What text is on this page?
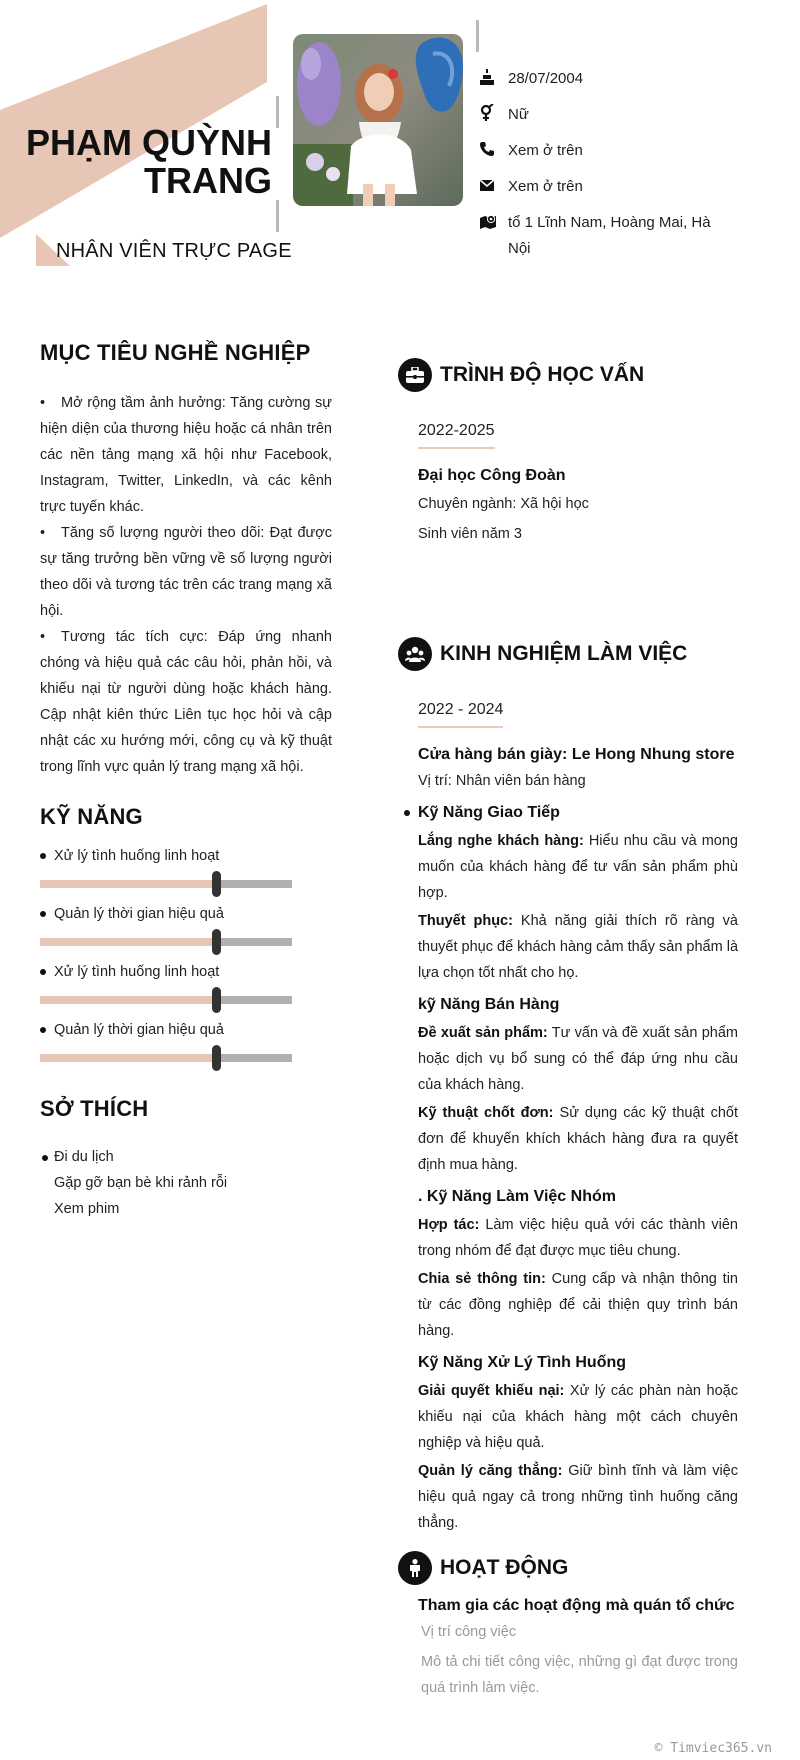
PHẠM QUỲNH
TRANG
NHÂN VIÊN TRỰC PAGE
28/07/2004
Nữ
Xem ở trên
Xem ở trên
tổ 1 Lĩnh Nam, Hoàng Mai, Hà Nội
MỤC TIÊU NGHỀ NGHIỆP
• Mở rộng tầm ảnh hưởng: Tăng cường sự hiện diện của thương hiệu hoặc cá nhân trên các nền tảng mạng xã hội như Facebook, Instagram, Twitter, LinkedIn, và các kênh trực tuyến khác.
• Tăng số lượng người theo dõi: Đạt được sự tăng trưởng bền vững về số lượng người theo dõi và tương tác trên các trang mạng xã hội.
• Tương tác tích cực: Đáp ứng nhanh chóng và hiệu quả các câu hỏi, phản hồi, và khiếu nại từ người dùng hoặc khách hàng. Cập nhật kiên thức Liên tục học hỏi và cập nhật các xu hướng mới, công cụ và kỹ thuật trong lĩnh vực quản lý trang mạng xã hội.
KỸ NĂNG
Xử lý tình huống linh hoạt
Quản lý thời gian hiệu quả
Xử lý tình huống linh hoạt
Quản lý thời gian hiệu quả
SỞ THÍCH
Đi du lịch
Gặp gỡ bạn bè khi rảnh rỗi
Xem phim
TRÌNH ĐỘ HỌC VẤN
2022-2025
Đại học Công Đoàn
Chuyên ngành: Xã hội học
Sinh viên năm 3
KINH NGHIỆM LÀM VIỆC
2022 - 2024
Cửa hàng bán giày: Le Hong Nhung store
Vị trí: Nhân viên bán hàng
Kỹ Năng Giao Tiếp
Lắng nghe khách hàng: Hiểu nhu cầu và mong muốn của khách hàng để tư vấn sản phẩm phù hợp.
Thuyết phục: Khả năng giải thích rõ ràng và thuyết phục để khách hàng cảm thấy sản phẩm là lựa chọn tốt nhất cho họ.
kỹ Năng Bán Hàng
Đề xuất sản phẩm: Tư vấn và đề xuất sản phẩm hoặc dịch vụ bổ sung có thể đáp ứng nhu cầu của khách hàng.
Kỹ thuật chốt đơn: Sử dụng các kỹ thuật chốt đơn để khuyến khích khách hàng đưa ra quyết định mua hàng.
. Kỹ Năng Làm Việc Nhóm
Hợp tác: Làm việc hiệu quả với các thành viên trong nhóm để đạt được mục tiêu chung.
Chia sẻ thông tin: Cung cấp và nhận thông tin từ các đồng nghiệp để cải thiện quy trình bán hàng.
Kỹ Năng Xử Lý Tình Huống
Giải quyết khiếu nại: Xử lý các phàn nàn hoặc khiếu nại của khách hàng một cách chuyên nghiệp và hiệu quả.
Quản lý căng thẳng: Giữ bình tĩnh và làm việc hiệu quả ngay cả trong những tình huống căng thẳng.
HOẠT ĐỘNG
Tham gia các hoạt động mà quán tổ chức
Vị trí công việc
Mô tả chi tiết công việc, những gì đạt được trong quá trình làm việc.
© Timviec365.vn
